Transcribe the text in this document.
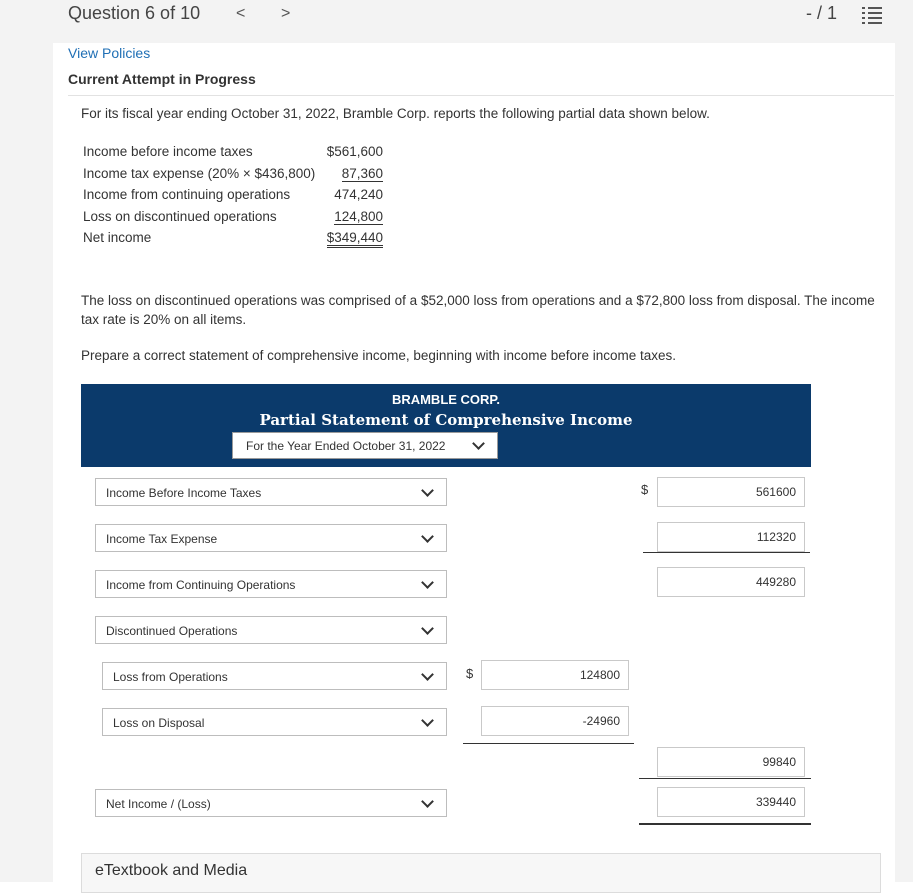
Question 6 of 10 < >	- / 1
View Policies
Current Attempt in Progress
For its fiscal year ending October 31, 2022, Bramble Corp. reports the following partial data shown below.
Income before income taxes	$561,600
Income tax expense (20% × $436,800) 87,360
Income from continuing operations	474,240
Loss on discontinued operations	124,800
Net income	$349,440
The loss on discontinued operations was comprised of a $52,000 loss from operations and a $72,800 loss from disposal. The income tax rate is 20% on all items.
Prepare a correct statement of comprehensive income, beginning with income before income taxes.
BRAMBLE CORP.
Partial Statement of Comprehensive Income
For the Year Ended October 31, 2022
Income Before Income Taxes	$	561600
Income Tax Expense	112320
Income from Continuing Operations	449280
Discontinued Operations
Loss from Operations	$	124800
Loss on Disposal	-24960
99840
Net Income / (Loss)	339440
eTextbook and Media
